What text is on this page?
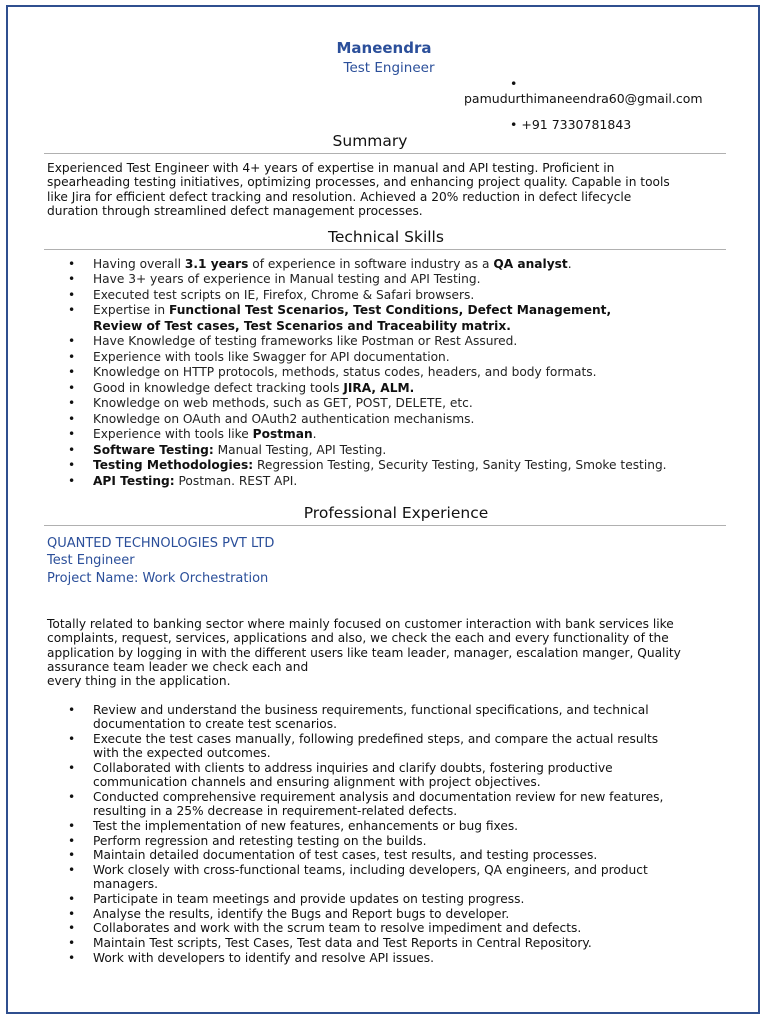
Maneendra
Test Engineer
•
pamudurthimaneendra60@gmail.com
• +91 7330781843
Summary
Experienced Test Engineer with 4+ years of expertise in manual and API testing. Proficient in
spearheading testing initiatives, optimizing processes, and enhancing project quality. Capable in tools
like Jira for efficient defect tracking and resolution. Achieved a 20% reduction in defect lifecycle
duration through streamlined defect management processes.
Technical Skills
• Having overall 3.1 years of experience in software industry as a QA analyst.
• Have 3+ years of experience in Manual testing and API Testing.
• Executed test scripts on IE, Firefox, Chrome & Safari browsers.
• Expertise in Functional Test Scenarios, Test Conditions, Defect Management,
Review of Test cases, Test Scenarios and Traceability matrix.
• Have Knowledge of testing frameworks like Postman or Rest Assured.
• Experience with tools like Swagger for API documentation.
• Knowledge on HTTP protocols, methods, status codes, headers, and body formats.
• Good in knowledge defect tracking tools JIRA, ALM.
• Knowledge on web methods, such as GET, POST, DELETE, etc.
• Knowledge on OAuth and OAuth2 authentication mechanisms.
• Experience with tools like Postman.
• Software Testing: Manual Testing, API Testing.
• Testing Methodologies: Regression Testing, Security Testing, Sanity Testing, Smoke testing.
• API Testing: Postman. REST API.
Professional Experience
QUANTED TECHNOLOGIES PVT LTD
Test Engineer
Project Name: Work Orchestration
Totally related to banking sector where mainly focused on customer interaction with bank services like
complaints, request, services, applications and also, we check the each and every functionality of the
application by logging in with the different users like team leader, manager, escalation manger, Quality
assurance team leader we check each and
every thing in the application.
• Review and understand the business requirements, functional specifications, and technical
documentation to create test scenarios.
• Execute the test cases manually, following predefined steps, and compare the actual results
with the expected outcomes.
• Collaborated with clients to address inquiries and clarify doubts, fostering productive
communication channels and ensuring alignment with project objectives.
• Conducted comprehensive requirement analysis and documentation review for new features,
resulting in a 25% decrease in requirement-related defects.
• Test the implementation of new features, enhancements or bug fixes.
• Perform regression and retesting testing on the builds.
• Maintain detailed documentation of test cases, test results, and testing processes.
• Work closely with cross-functional teams, including developers, QA engineers, and product
managers.
• Participate in team meetings and provide updates on testing progress.
• Analyse the results, identify the Bugs and Report bugs to developer.
• Collaborates and work with the scrum team to resolve impediment and defects.
• Maintain Test scripts, Test Cases, Test data and Test Reports in Central Repository.
• Work with developers to identify and resolve API issues.
